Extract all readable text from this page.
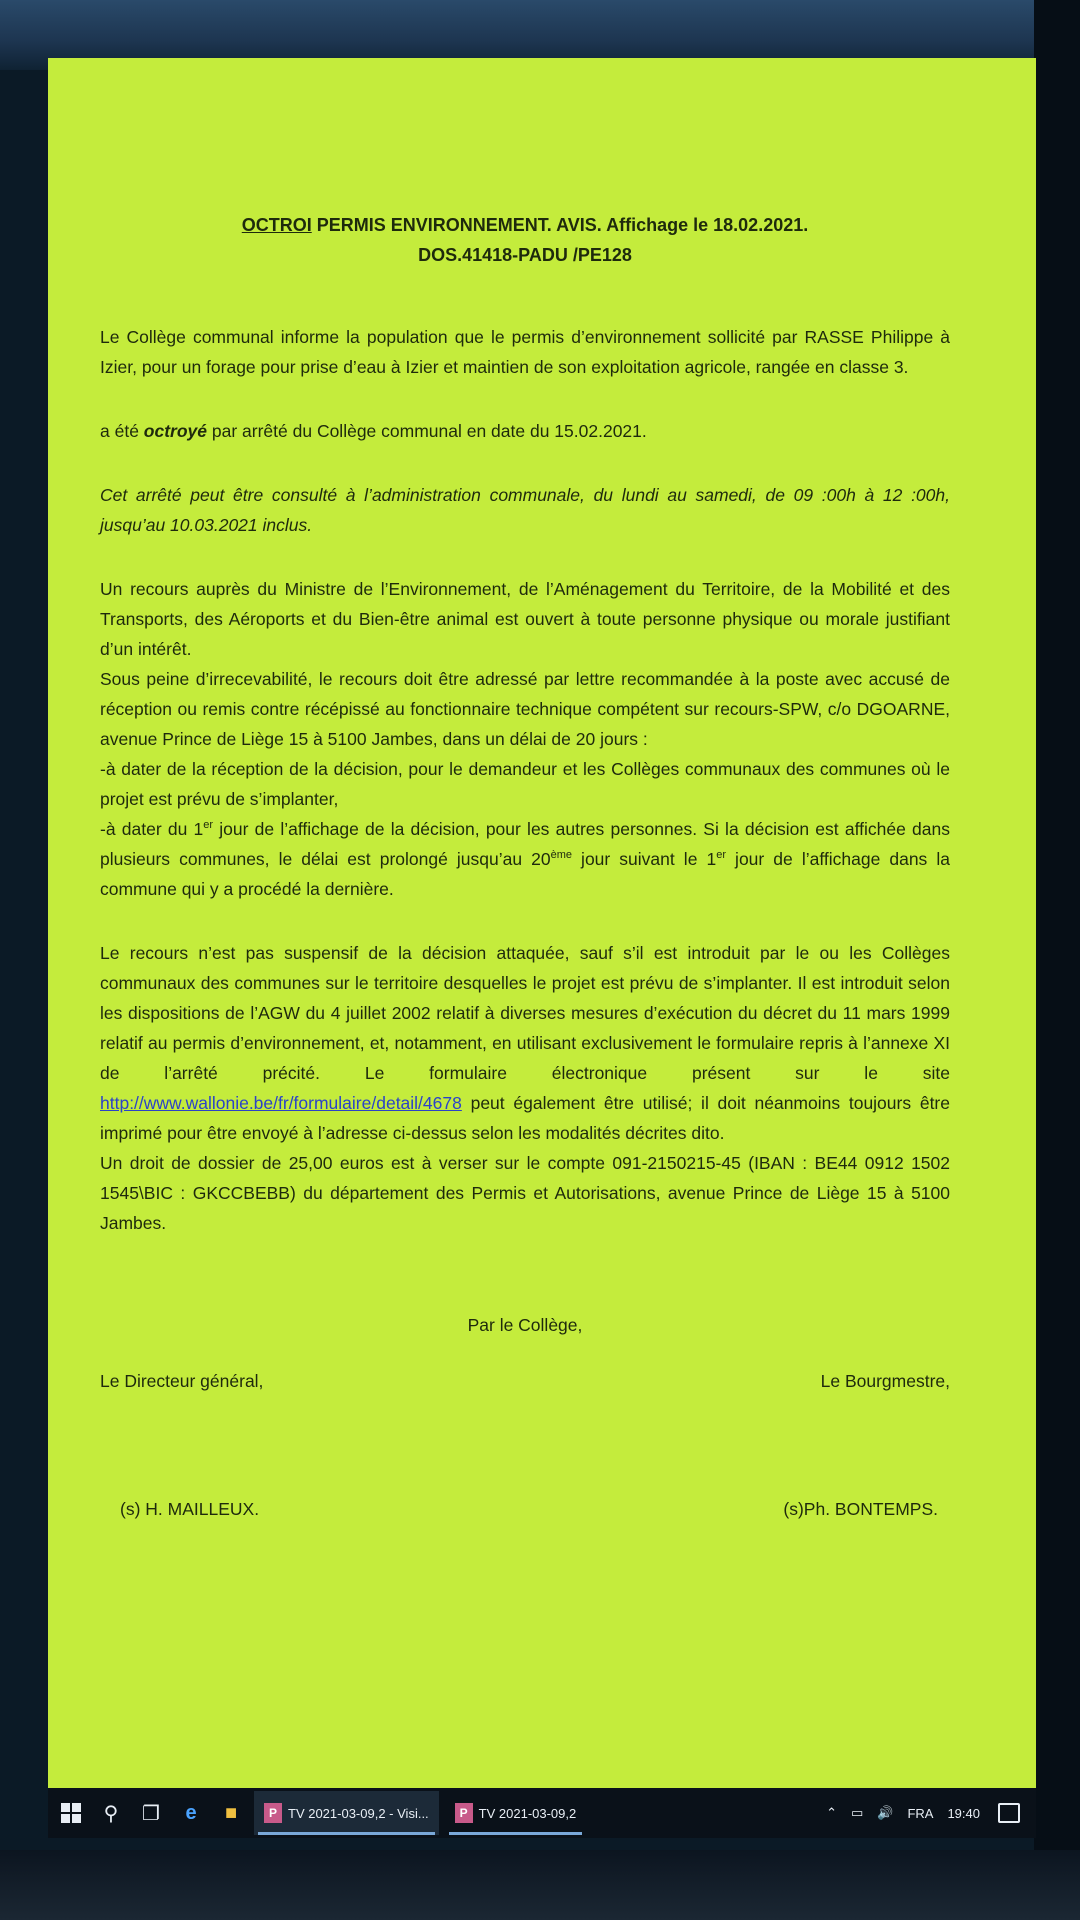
OCTROI PERMIS ENVIRONNEMENT. AVIS. Affichage le 18.02.2021.
DOS.41418-PADU /PE128

Le Collège communal informe la population que le permis d’environnement sollicité par RASSE Philippe à Izier, pour un forage pour prise d’eau à Izier et maintien de son exploitation agricole, rangée en classe 3.

a été octroyé par arrêté du Collège communal en date du 15.02.2021.

Cet arrêté peut être consulté à l’administration communale, du lundi au samedi, de 09 :00h à 12 :00h, jusqu’au 10.03.2021 inclus.

Un recours auprès du Ministre de l’Environnement, de l’Aménagement du Territoire, de la Mobilité et des Transports, des Aéroports et du Bien-être animal est ouvert à toute personne physique ou morale justifiant d’un intérêt.

Sous peine d’irrecevabilité, le recours doit être adressé par lettre recommandée à la poste avec accusé de réception ou remis contre récépissé au fonctionnaire technique compétent sur recours-SPW, c/o DGOARNE, avenue Prince de Liège 15 à 5100 Jambes, dans un délai de 20 jours :

-à dater de la réception de la décision, pour le demandeur et les Collèges communaux des communes où le projet est prévu de s’implanter,

-à dater du 1er jour de l’affichage de la décision, pour les autres personnes. Si la décision est affichée dans plusieurs communes, le délai est prolongé jusqu’au 20ème jour suivant le 1er jour de l’affichage dans la commune qui y a procédé la dernière.

Le recours n’est pas suspensif de la décision attaquée, sauf s’il est introduit par le ou les Collèges communaux des communes sur le territoire desquelles le projet est prévu de s’implanter. Il est introduit selon les dispositions de l’AGW du 4 juillet 2002 relatif à diverses mesures d’exécution du décret du 11 mars 1999 relatif au permis d’environnement, et, notamment, en utilisant exclusivement le formulaire repris à l’annexe XI de l’arrêté précité. Le formulaire électronique présent sur le site http://www.wallonie.be/fr/formulaire/detail/4678 peut également être utilisé; il doit néanmoins toujours être imprimé pour être envoyé à l’adresse ci-dessus selon les modalités décrites dito.

Un droit de dossier de 25,00 euros est à verser sur le compte 091-2150215-45 (IBAN : BE44 0912 1502 1545\BIC : GKCCBEBB) du département des Permis et Autorisations, avenue Prince de Liège 15 à 5100 Jambes.

Par le Collège,
Le Directeur général,	Le Bourgmestre,
(s) H. MAILLEUX.	(s)Ph. BONTEMPS.
⚲	❐	e	■	P TV 2021-03-09,2 - Visi...	P TV 2021-03-09,2	⌃ ▭ 🔊 FRA 19:40
